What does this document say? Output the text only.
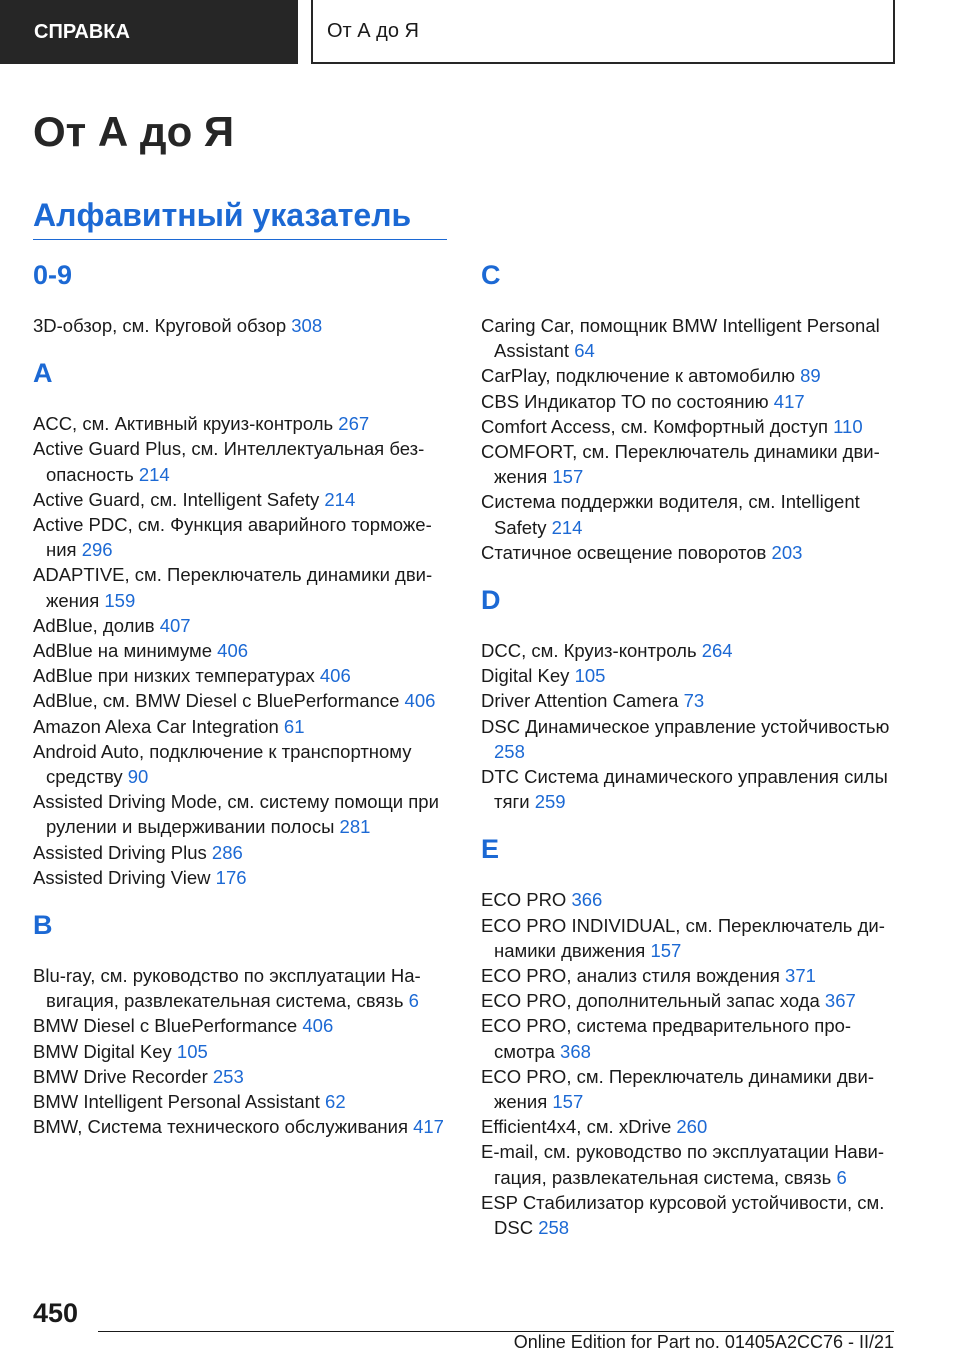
СПРАВКА	От А до Я
От А до Я
Алфавитный указатель
0-9

3D-обзор, см. Круговой обзор 308

A

ACC, см. Активный круиз-контроль 267

Active Guard Plus, см. Интеллектуальная безопасность 214

Active Guard, см. Intelligent Safety 214

Active PDC, см. Функция аварийного торможения 296

ADAPTIVE, см. Переключатель динамики движения 159

AdBlue, долив 407

AdBlue на минимуме 406

AdBlue при низких температурах 406

AdBlue, см. BMW Diesel с BluePerformance 406

Amazon Alexa Car Integration 61

Android Auto, подключение к транспортному средству 90

Assisted Driving Mode, см. систему помощи при рулении и выдерживании полосы 281

Assisted Driving Plus 286

Assisted Driving View 176

B

Blu-ray, см. руководство по эксплуатации Навигация, развлекательная система, связь 6

BMW Diesel с BluePerformance 406

BMW Digital Key 105

BMW Drive Recorder 253

BMW Intelligent Personal Assistant 62

BMW, Система технического обслуживания 417

C

Caring Car, помощник BMW Intelligent Personal Assistant 64

CarPlay, подключение к автомобилю 89

CBS Индикатор ТО по состоянию 417

Comfort Access, см. Комфортный доступ 110

COMFORT, см. Переключатель динамики движения 157

Система поддержки водителя, см. Intelligent Safety 214

Статичное освещение поворотов 203

D

DCC, см. Круиз-контроль 264

Digital Key 105

Driver Attention Camera 73

DSC Динамическое управление устойчивостью 258

DTC Система динамического управления силы тяги 259

E

ECO PRO 366

ECO PRO INDIVIDUAL, см. Переключатель динамики движения 157

ECO PRO, анализ стиля вождения 371

ECO PRO, дополнительный запас хода 367

ECO PRO, система предварительного просмотра 368

ECO PRO, см. Переключатель динамики движения 157

Efficient4x4, см. xDrive 260

E-mail, см. руководство по эксплуатации Навигация, развлекательная система, связь 6

ESP Стабилизатор курсовой устойчивости, см. DSC 258

450
Online Edition for Part no. 01405A2CC76 - II/21
